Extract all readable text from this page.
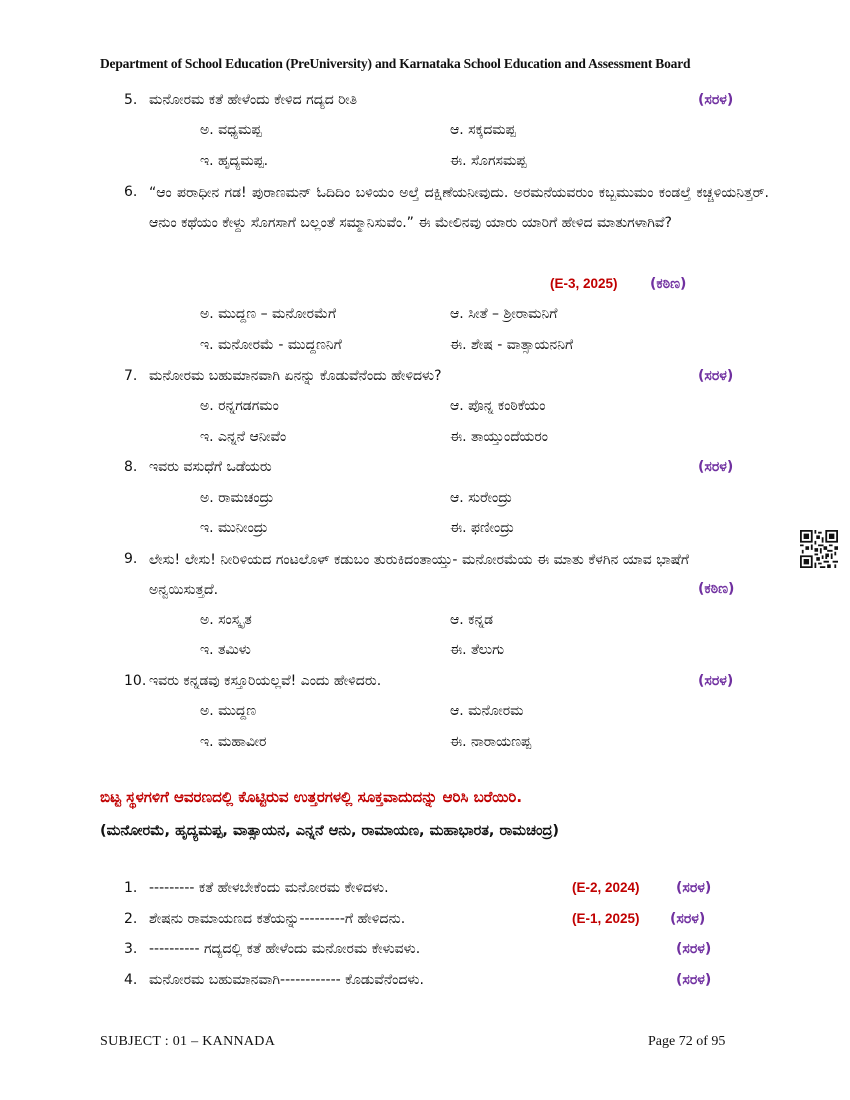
Department of School Education (PreUniversity) and Karnataka School Education and Assessment Board
5. ಮನೋರಮ ಕತೆ ಹೇಳೆಂದು ಕೇಳಿದ ಗದ್ಯದ ರೀತಿ	(ಸರಳ)
ಅ. ವಧ್ಯಮಪ್ಪ	ಆ. ಸಕ್ಕದಮಪ್ಪ
ಇ. ಹೃದ್ಯಮಪ್ಪ.	ಈ. ಸೊಗಸಮಪ್ಪ
6. “ಆಂ ಪರಾಧೀನ ಗಡ! ಪುರಾಣಮನ್ ಓದಿದಿಂ ಬಳಿಯಂ ಅಲ್ತೆ ದಕ್ಷಿಣೆಯನೀವುದು. ಅರಮನೆಯವರುಂ ಕಬ್ಬಮುಮಂ ಕಂಡಲ್ತೆ ಕಚ್ಚಳಿಯನಿತ್ತರ್. ಆನುಂ ಕಥೆಯಂ ಕೇಳ್ದು ಸೊಗಸಾಗೆ ಬಲ್ಲಂತೆ ಸಮ್ಮಾನಿಸುವೆಂ.” ಈ ಮೇಲಿನವು ಯಾರು ಯಾರಿಗೆ ಹೇಳಿದ ಮಾತುಗಳಾಗಿವೆ?
(E-3, 2025) (ಕಠಿಣ)
ಅ. ಮುದ್ದಣ – ಮನೋರಮೆಗೆ	ಆ. ಸೀತೆ – ಶ್ರೀರಾಮನಿಗೆ
ಇ. ಮನೋರಮೆ - ಮುದ್ದಣನಿಗೆ	ಈ. ಶೇಷ - ವಾತ್ಸಾಯನನಿಗೆ
7. ಮನೋರಮ ಬಹುಮಾನವಾಗಿ ಏನನ್ನು ಕೊಡುವೆನೆಂದು ಹೇಳಿದಳು?	(ಸರಳ)
ಅ. ರನ್ನಗಡಗಮಂ	ಆ. ಪೊನ್ನ ಕಂಠಿಕೆಯಂ
ಇ. ಎನ್ನನೆ ಆನೀವೆಂ	ಈ. ತಾಯ್ತುಂದೆಯರಂ
8. ಇವರು ವಸುಧೆಗೆ ಒಡೆಯರು	(ಸರಳ)
ಅ. ರಾಮಚಂದ್ರು	ಆ. ಸುರೇಂದ್ರು
ಇ. ಮುನೀಂದ್ರು	ಈ. ಫಣೀಂದ್ರು
9. ಲೇಸು! ಲೇಸು! ನೀರಿಳಿಯದ ಗಂಟಲೊಳ್ ಕಡುಬಂ ತುರುಕಿದಂತಾಯ್ತು- ಮನೋರಮೆಯ ಈ ಮಾತು ಕೆಳಗಿನ ಯಾವ ಭಾಷೆಗೆ ಅನ್ವಯಿಸುತ್ತದೆ.	(ಕಠಿಣ)
ಅ. ಸಂಸ್ಕೃತ	ಆ. ಕನ್ನಡ
ಇ. ತಮಿಳು	ಈ. ತೆಲುಗು
10. ಇವರು ಕನ್ನಡವು ಕಸ್ತೂರಿಯಲ್ಲವೆ! ಎಂದು ಹೇಳಿದರು.	(ಸರಳ)
ಅ. ಮುದ್ದಣ	ಆ. ಮನೋರಮ
ಇ. ಮಹಾವೀರ	ಈ. ನಾರಾಯಣಪ್ಪ
ಬಿಟ್ಟ ಸ್ಥಳಗಳಿಗೆ ಆವರಣದಲ್ಲಿ ಕೊಟ್ಟಿರುವ ಉತ್ತರಗಳಲ್ಲಿ ಸೂಕ್ತವಾದುದನ್ನು ಆರಿಸಿ ಬರೆಯಿರಿ.
(ಮನೋರಮೆ, ಹೃದ್ಯಮಪ್ಪ, ವಾತ್ಸಾಯನ, ಎನ್ನನೆ ಆನು, ರಾಮಾಯಣ, ಮಹಾಭಾರತ, ರಾಮಚಂದ್ರ)
1. --------- ಕತೆ ಹೇಳಬೇಕೆಂದು ಮನೋರಮ ಕೇಳಿದಳು.	(E-2, 2024)	(ಸರಳ)
2. ಶೇಷನು ರಾಮಾಯಣದ ಕತೆಯನ್ನು---------ಗೆ ಹೇಳಿದನು.	(E-1, 2025) (ಸರಳ)
3. ---------- ಗದ್ಯದಲ್ಲಿ ಕತೆ ಹೇಳೆಂದು ಮನೋರಮ ಕೇಳುವಳು.	(ಸರಳ)
4. ಮನೋರಮ ಬಹುಮಾನವಾಗಿ------------ ಕೊಡುವೆನೆಂದಳು.	(ಸರಳ)
SUBJECT : 01 – KANNADA	Page 72 of 95
